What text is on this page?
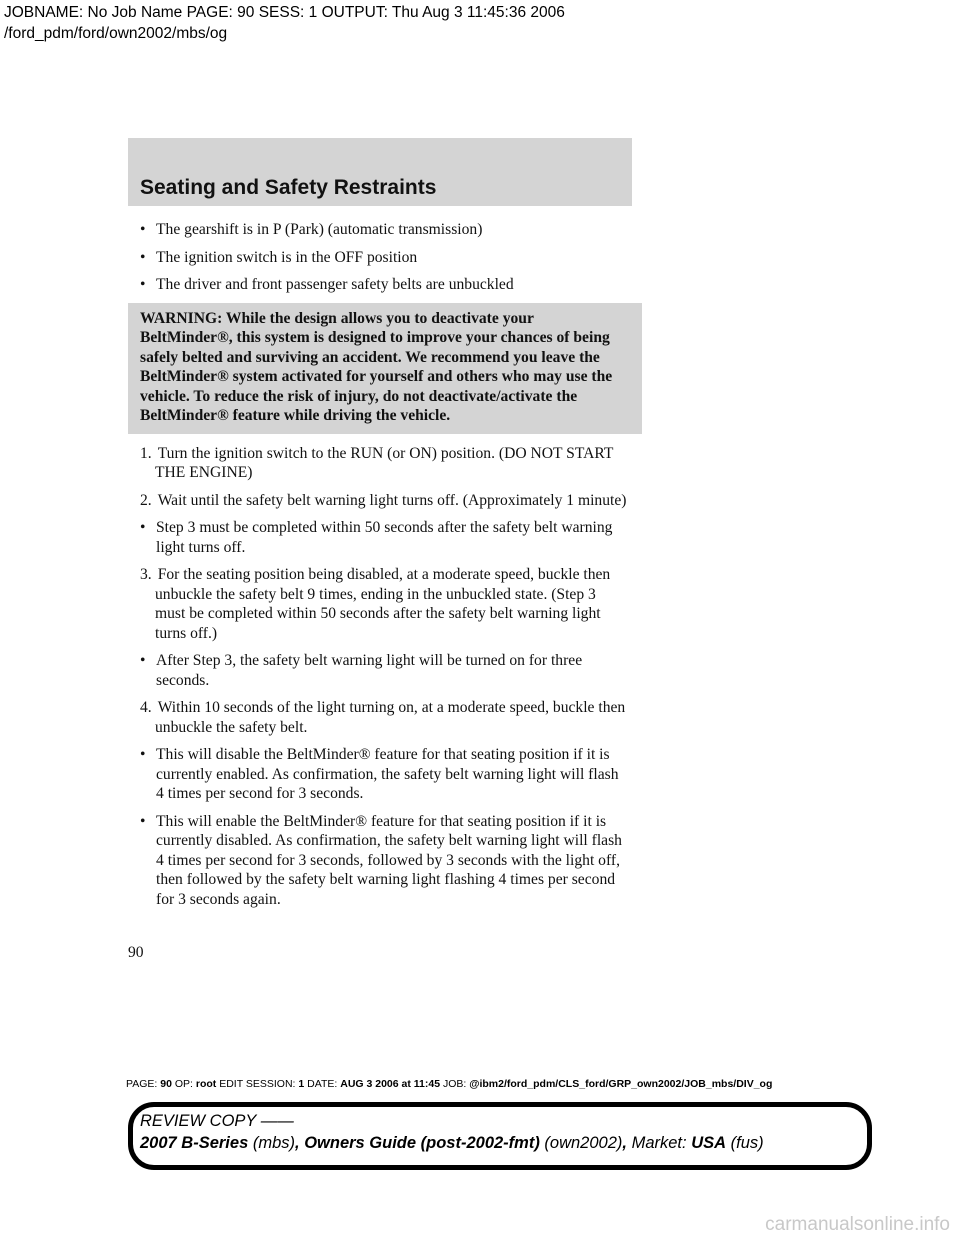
JOBNAME: No Job Name PAGE: 90 SESS: 1 OUTPUT: Thu Aug 3 11:45:36 2006
/ford_pdm/ford/own2002/mbs/og
Seating and Safety Restraints
• The gearshift is in P (Park) (automatic transmission)
• The ignition switch is in the OFF position
• The driver and front passenger safety belts are unbuckled
WARNING: While the design allows you to deactivate your BeltMinder®, this system is designed to improve your chances of being safely belted and surviving an accident. We recommend you leave the BeltMinder® system activated for yourself and others who may use the vehicle. To reduce the risk of injury, do not deactivate/activate the BeltMinder® feature while driving the vehicle.
1. Turn the ignition switch to the RUN (or ON) position. (DO NOT START THE ENGINE)
2. Wait until the safety belt warning light turns off. (Approximately 1 minute)
• Step 3 must be completed within 50 seconds after the safety belt warning light turns off.
3. For the seating position being disabled, at a moderate speed, buckle then unbuckle the safety belt 9 times, ending in the unbuckled state. (Step 3 must be completed within 50 seconds after the safety belt warning light turns off.)
• After Step 3, the safety belt warning light will be turned on for three seconds.
4. Within 10 seconds of the light turning on, at a moderate speed, buckle then unbuckle the safety belt.
• This will disable the BeltMinder® feature for that seating position if it is currently enabled. As confirmation, the safety belt warning light will flash 4 times per second for 3 seconds.
• This will enable the BeltMinder® feature for that seating position if it is currently disabled. As confirmation, the safety belt warning light will flash 4 times per second for 3 seconds, followed by 3 seconds with the light off, then followed by the safety belt warning light flashing 4 times per second for 3 seconds again.
90
PAGE: 90 OP: root EDIT SESSION: 1 DATE: AUG 3 2006 at 11:45 JOB: @ibm2/ford_pdm/CLS_ford/GRP_own2002/JOB_mbs/DIV_og
REVIEW COPY ——
2007 B-Series (mbs), Owners Guide (post-2002-fmt) (own2002), Market: USA (fus)
carmanualsonline.info
